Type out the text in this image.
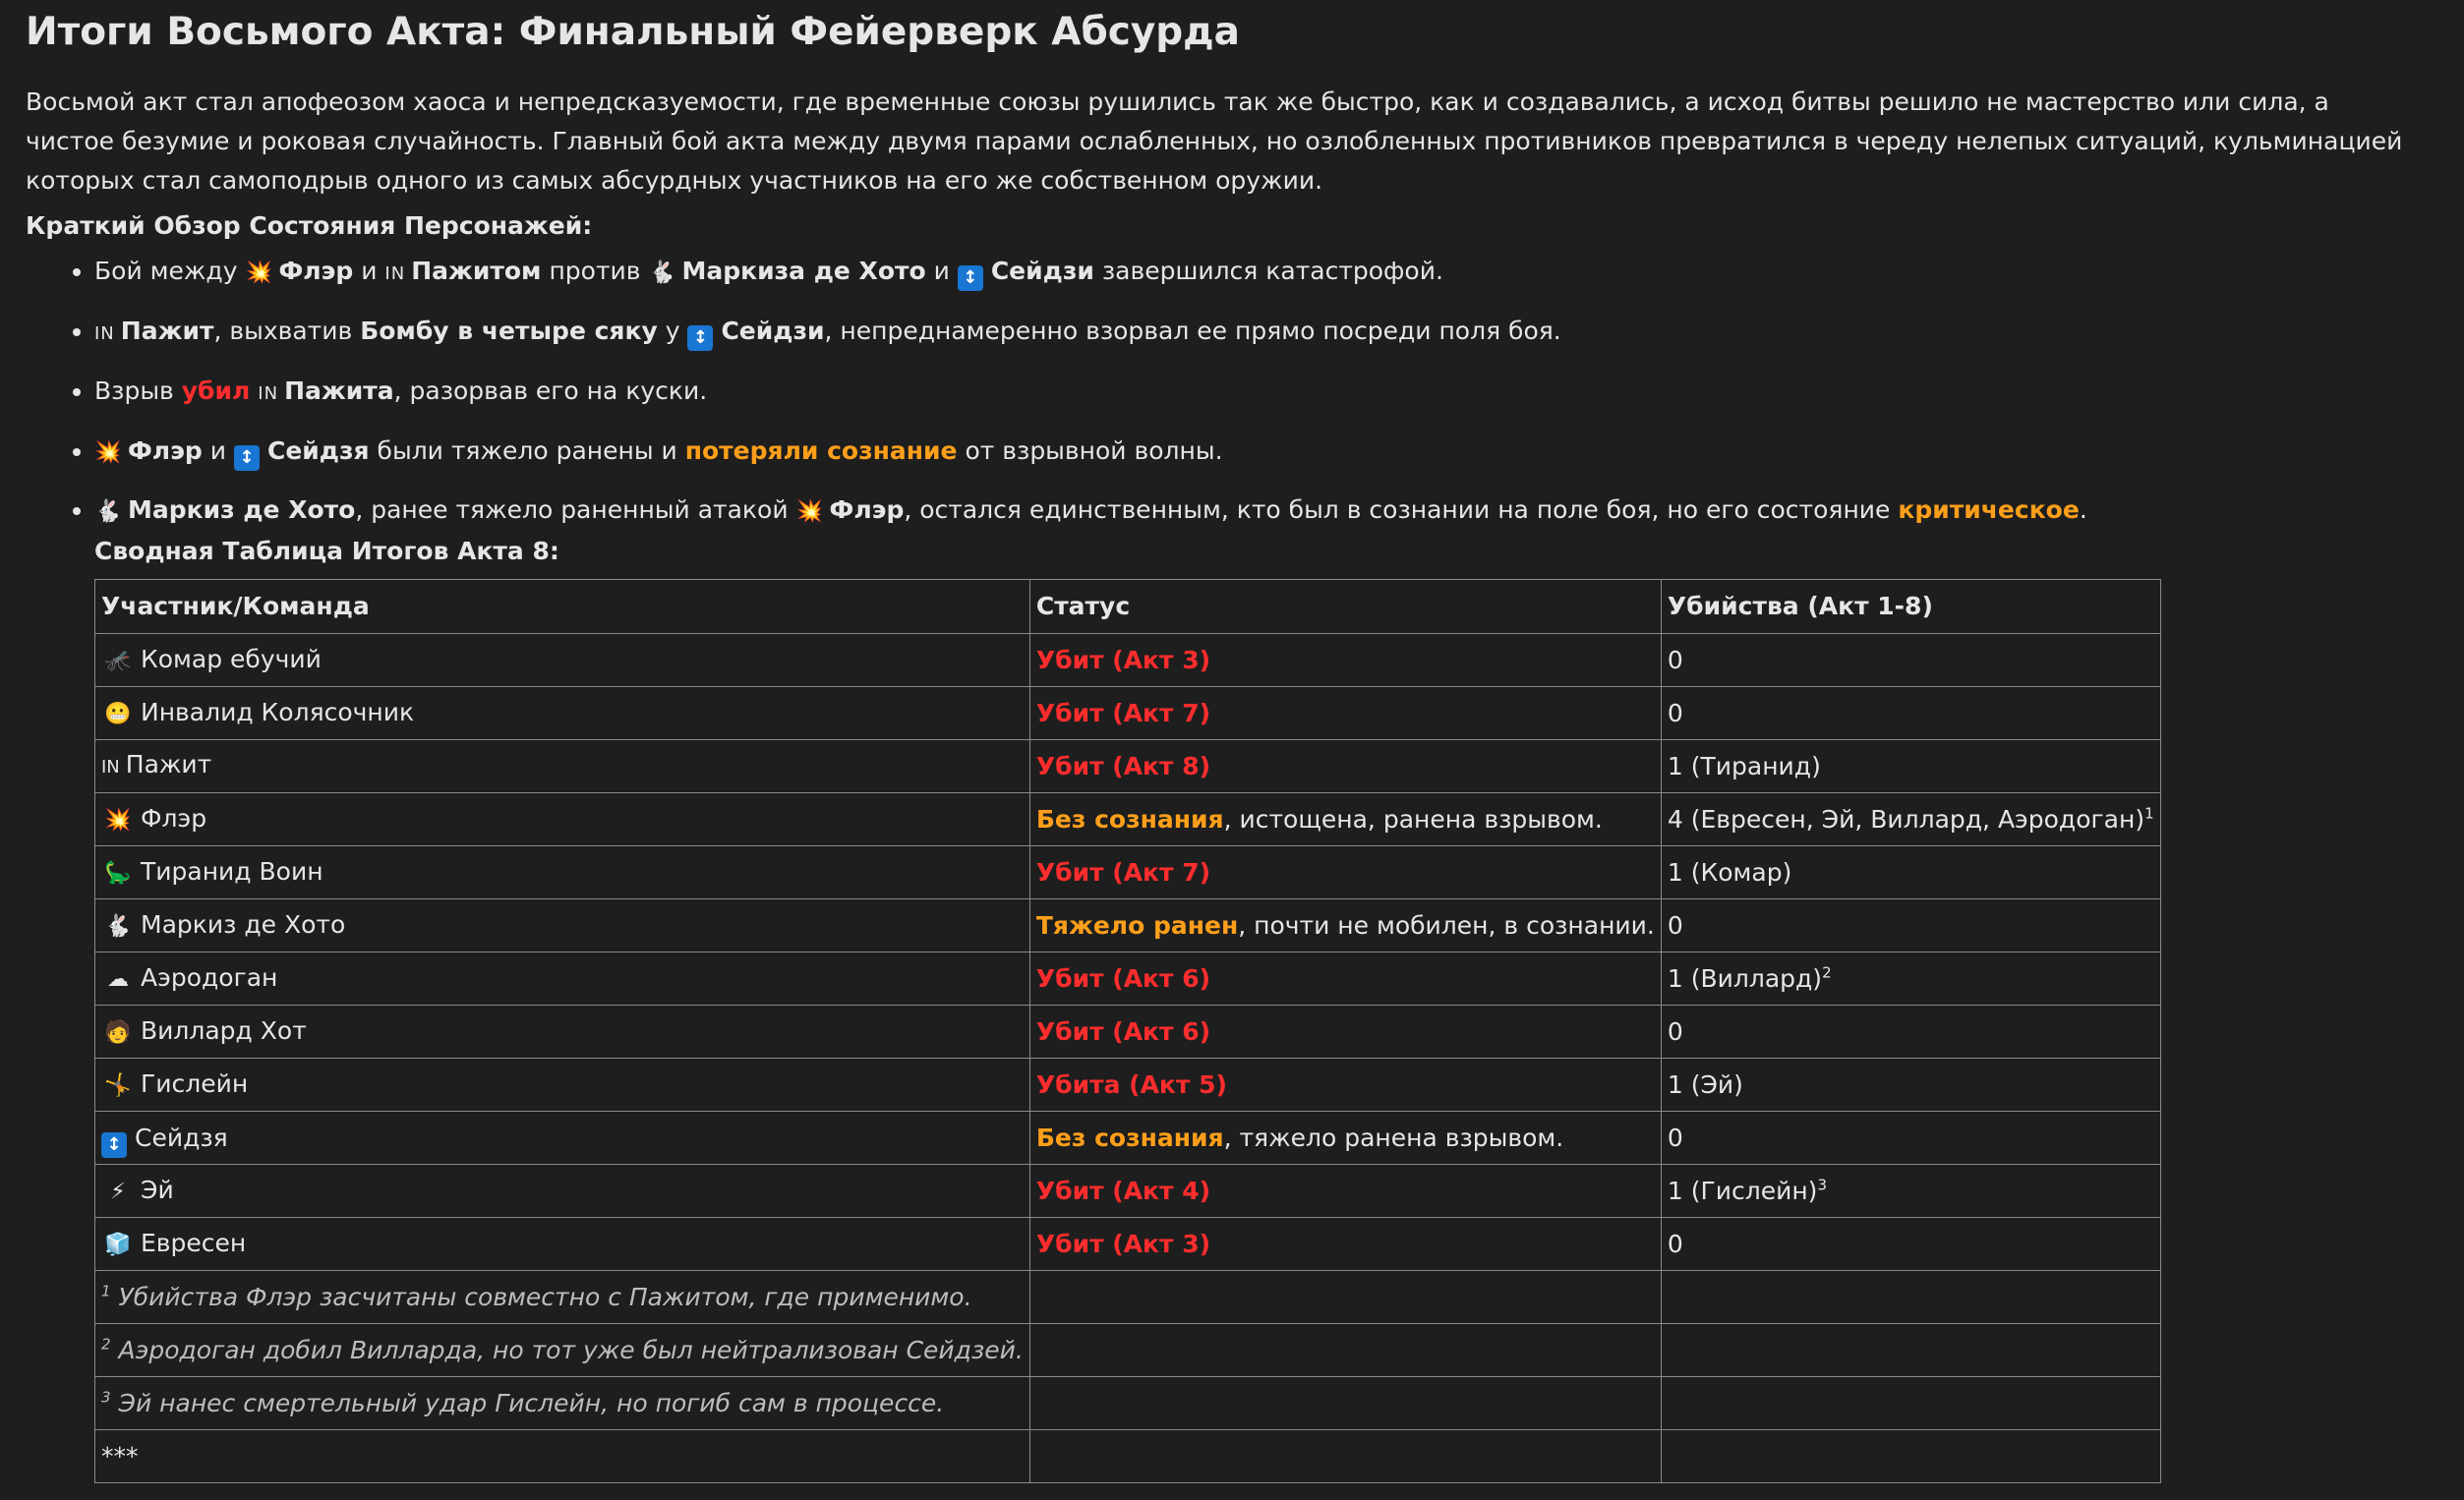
Итоги Восьмого Акта: Финальный Фейерверк Абсурда

Восьмой акт стал апофеозом хаоса и непредсказуемости, где временные союзы рушились так же быстро, как и создавались, а исход битвы решило не мастерство или сила, а чистое безумие и роковая случайность. Главный бой акта между двумя парами ослабленных, но озлобленных противников превратился в череду нелепых ситуаций, кульминацией которых стал самоподрыв одного из самых абсурдных участников на его же собственном оружии.

Краткий Обзор Состояния Персонажей:
• Бой между 💥 Флэр и IN Пажитом против 🐇 Маркиза де Хото и ↕ Сейдзи завершился катастрофой.
• IN Пажит, выхватив Бомбу в четыре сяку у ↕ Сейдзи, непреднамеренно взорвал ее прямо посреди поля боя.
• Взрыв убил IN Пажита, разорвав его на куски.
• 💥 Флэр и ↕ Сейдзя были тяжело ранены и потеряли сознание от взрывной волны.
• 🐇 Маркиз де Хото, ранее тяжело раненный атакой 💥 Флэр, остался единственным, кто был в сознании на поле боя, но его состояние критическое.
Сводная Таблица Итогов Акта 8:
Участник/Команда	Статус	Убийства (Акт 1-8)
🦟 Комар ебучий	Убит (Акт 3)	0
😬 Инвалид Колясочник	Убит (Акт 7)	0
IN Пажит	Убит (Акт 8)	1 (Тиранид)
💥 Флэр	Без сознания, истощена, ранена взрывом.	4 (Евресен, Эй, Виллард, Аэродоган)$^1$
🦕 Тиранид Воин	Убит (Акт 7)	1 (Комар)
🐇 Маркиз де Хото	Тяжело ранен, почти не мобилен, в сознании.	0
☁ Аэродоган	Убит (Акт 6)	1 (Виллард)$^2$
🧑 Виллард Хот	Убит (Акт 6)	0
🤸 Гислейн	Убита (Акт 5)	1 (Эй)
↕ Сейдзя	Без сознания, тяжело ранена взрывом.	0
⚡ Эй	Убит (Акт 4)	1 (Гислейн)$^3$
🧊 Евресен	Убит (Акт 3)	0
$^1$ Убийства Флэр засчитаны совместно с Пажитом, где применимо.		
$^2$ Аэродоган добил Вилларда, но тот уже был нейтрализован Сейдзей.		
$^3$ Эй нанес смертельный удар Гислейн, но погиб сам в процессе.		
***		
